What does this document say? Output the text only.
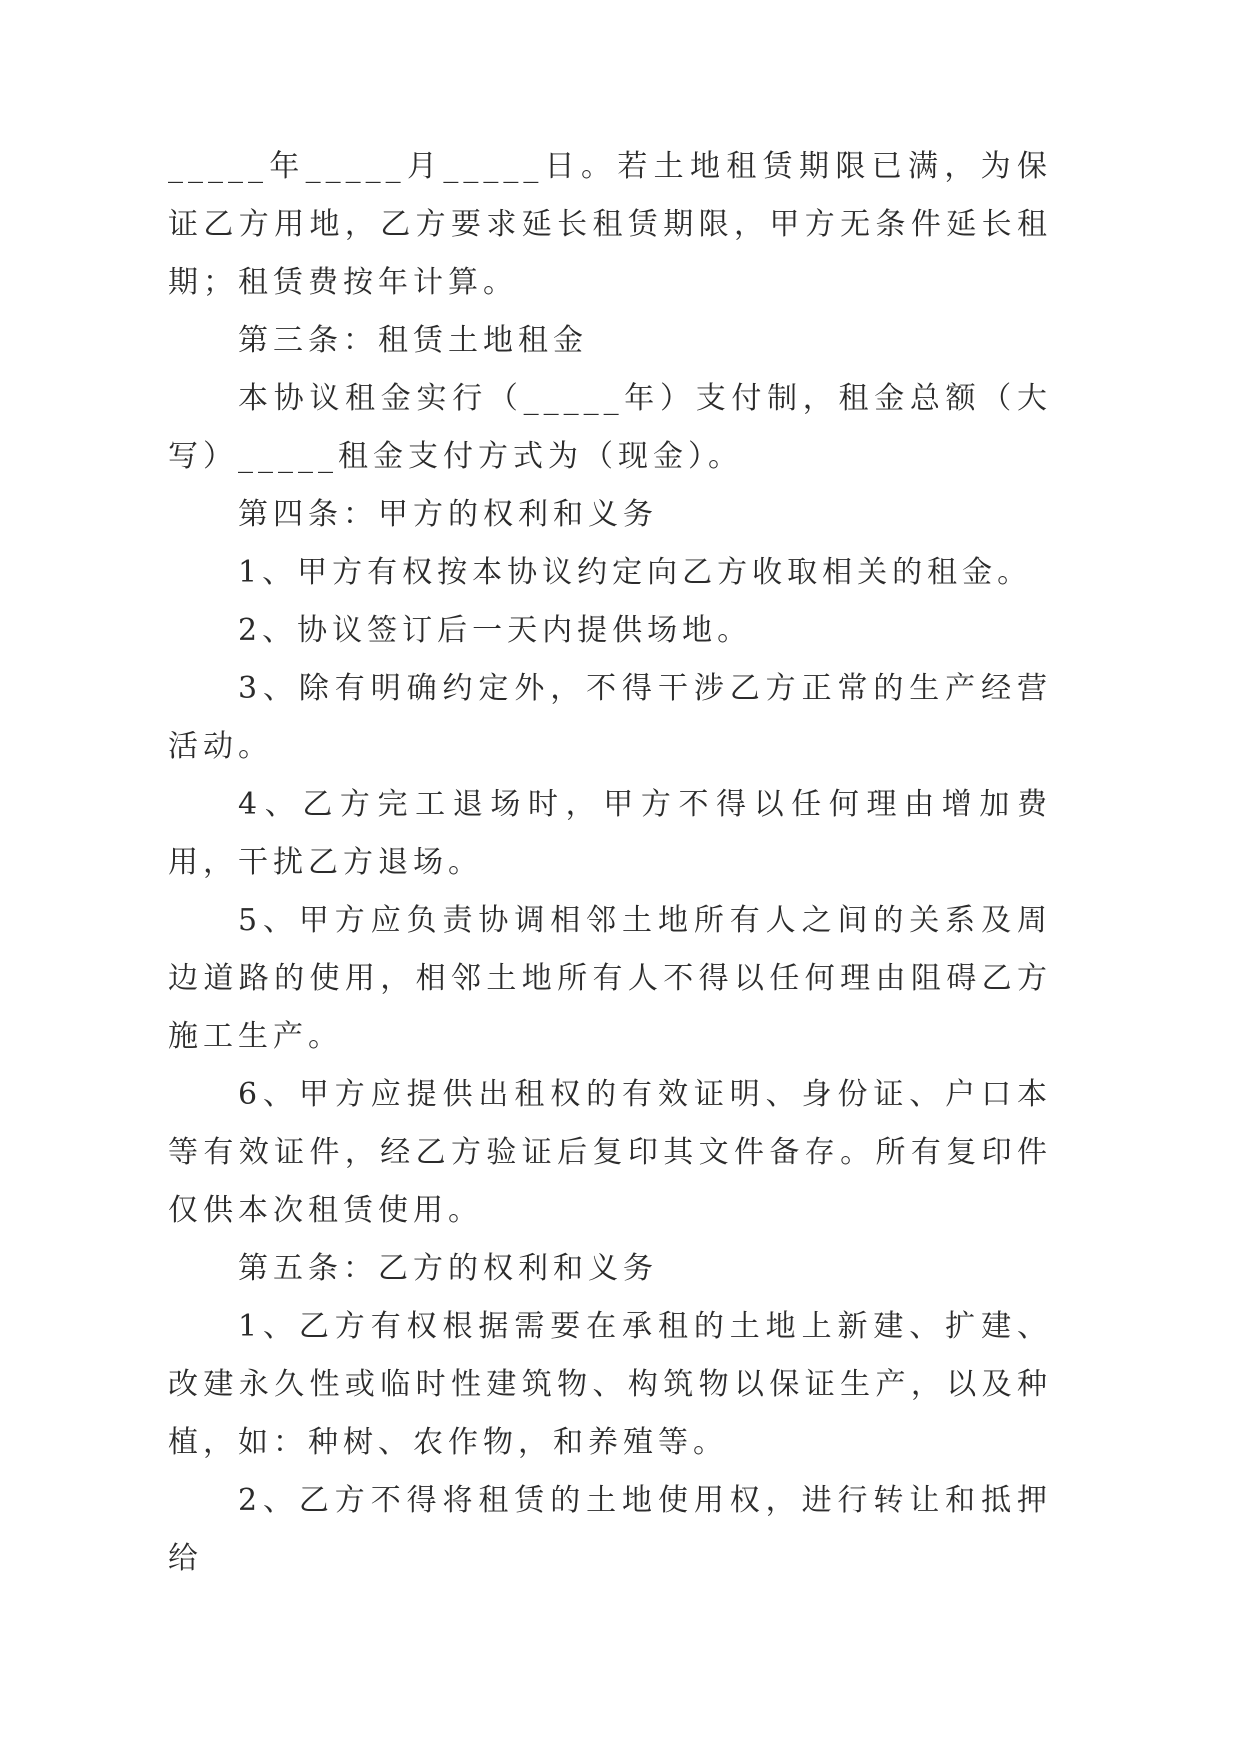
_____年_____月_____日。若土地租赁期限已满，为保证乙方用地，乙方要求延长租赁期限，甲方无条件延长租期；租赁费按年计算。

第三条：租赁土地租金

本协议租金实行（_____年）支付制，租金总额（大写）_____租金支付方式为（现金）。

第四条：甲方的权利和义务

1、甲方有权按本协议约定向乙方收取相关的租金。

2、协议签订后一天内提供场地。

3、除有明确约定外，不得干涉乙方正常的生产经营活动。

4、乙方完工退场时，甲方不得以任何理由增加费用，干扰乙方退场。

5、甲方应负责协调相邻土地所有人之间的关系及周边道路的使用，相邻土地所有人不得以任何理由阻碍乙方施工生产。

6、甲方应提供出租权的有效证明、身份证、户口本等有效证件，经乙方验证后复印其文件备存。所有复印件仅供本次租赁使用。

第五条：乙方的权利和义务

1、乙方有权根据需要在承租的土地上新建、扩建、改建永久性或临时性建筑物、构筑物以保证生产，以及种植，如：种树、农作物，和养殖等。

2、乙方不得将租赁的土地使用权，进行转让和抵押给
